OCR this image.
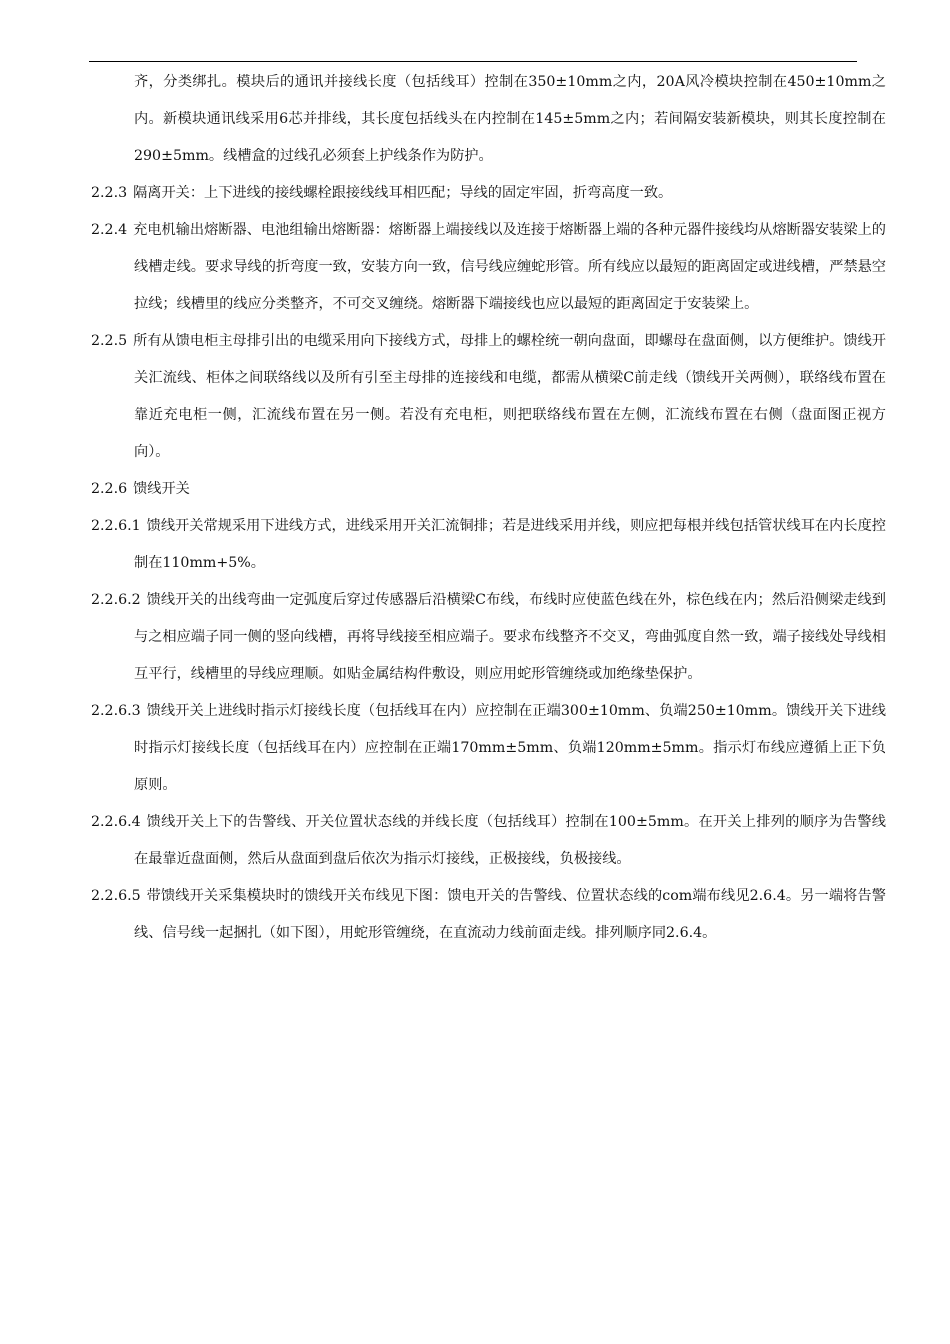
齐，分类绑扎。模块后的通讯并接线长度（包括线耳）控制在350±10mm之内，20A风冷模块控制在450±10mm之内。新模块通讯线采用6芯并排线，其长度包括线头在内控制在145±5mm之内；若间隔安装新模块，则其长度控制在290±5mm。线槽盒的过线孔必须套上护线条作为防护。
2.2.3 隔离开关：上下进线的接线螺栓跟接线线耳相匹配；导线的固定牢固，折弯高度一致。
2.2.4 充电机输出熔断器、电池组输出熔断器：熔断器上端接线以及连接于熔断器上端的各种元器件接线均从熔断器安装梁上的线槽走线。要求导线的折弯度一致，安装方向一致，信号线应缠蛇形管。所有线应以最短的距离固定或进线槽，严禁悬空拉线；线槽里的线应分类整齐，不可交叉缠绕。熔断器下端接线也应以最短的距离固定于安装梁上。
2.2.5 所有从馈电柜主母排引出的电缆采用向下接线方式，母排上的螺栓统一朝向盘面，即螺母在盘面侧，以方便维护。馈线开关汇流线、柜体之间联络线以及所有引至主母排的连接线和电缆，都需从横梁C前走线（馈线开关两侧），联络线布置在靠近充电柜一侧，汇流线布置在另一侧。若没有充电柜，则把联络线布置在左侧，汇流线布置在右侧（盘面图正视方向）。
2.2.6 馈线开关
2.2.6.1 馈线开关常规采用下进线方式，进线采用开关汇流铜排；若是进线采用并线，则应把每根并线包括管状线耳在内长度控制在110mm+5%。
2.2.6.2 馈线开关的出线弯曲一定弧度后穿过传感器后沿横梁C布线，布线时应使蓝色线在外，棕色线在内；然后沿侧梁走线到与之相应端子同一侧的竖向线槽，再将导线接至相应端子。要求布线整齐不交叉，弯曲弧度自然一致，端子接线处导线相互平行，线槽里的导线应理顺。如贴金属结构件敷设，则应用蛇形管缠绕或加绝缘垫保护。
2.2.6.3 馈线开关上进线时指示灯接线长度（包括线耳在内）应控制在正端300±10mm、负端250±10mm。馈线开关下进线时指示灯接线长度（包括线耳在内）应控制在正端170mm±5mm、负端120mm±5mm。指示灯布线应遵循上正下负原则。
2.2.6.4 馈线开关上下的告警线、开关位置状态线的并线长度（包括线耳）控制在100±5mm。在开关上排列的顺序为告警线在最靠近盘面侧，然后从盘面到盘后依次为指示灯接线，正极接线，负极接线。
2.2.6.5 带馈线开关采集模块时的馈线开关布线见下图：馈电开关的告警线、位置状态线的com端布线见2.6.4。另一端将告警线、信号线一起捆扎（如下图），用蛇形管缠绕，在直流动力线前面走线。排列顺序同2.6.4。
